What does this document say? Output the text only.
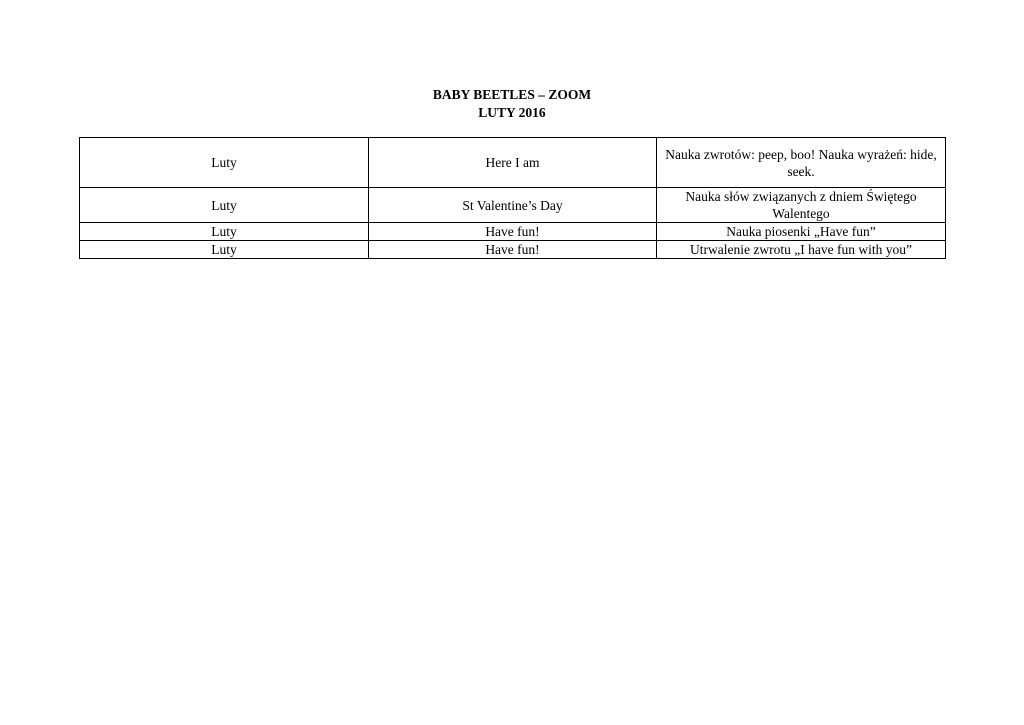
BABY BEETLES – ZOOM
LUTY 2016
Luty	Here I am	Nauka zwrotów: peep, boo! Nauka wyrażeń: hide, seek.
Luty	St Valentine’s Day	Nauka słów związanych z dniem Świętego Walentego
Luty	Have fun!	Nauka piosenki „Have fun”
Luty	Have fun!	Utrwalenie zwrotu „I have fun with you”
